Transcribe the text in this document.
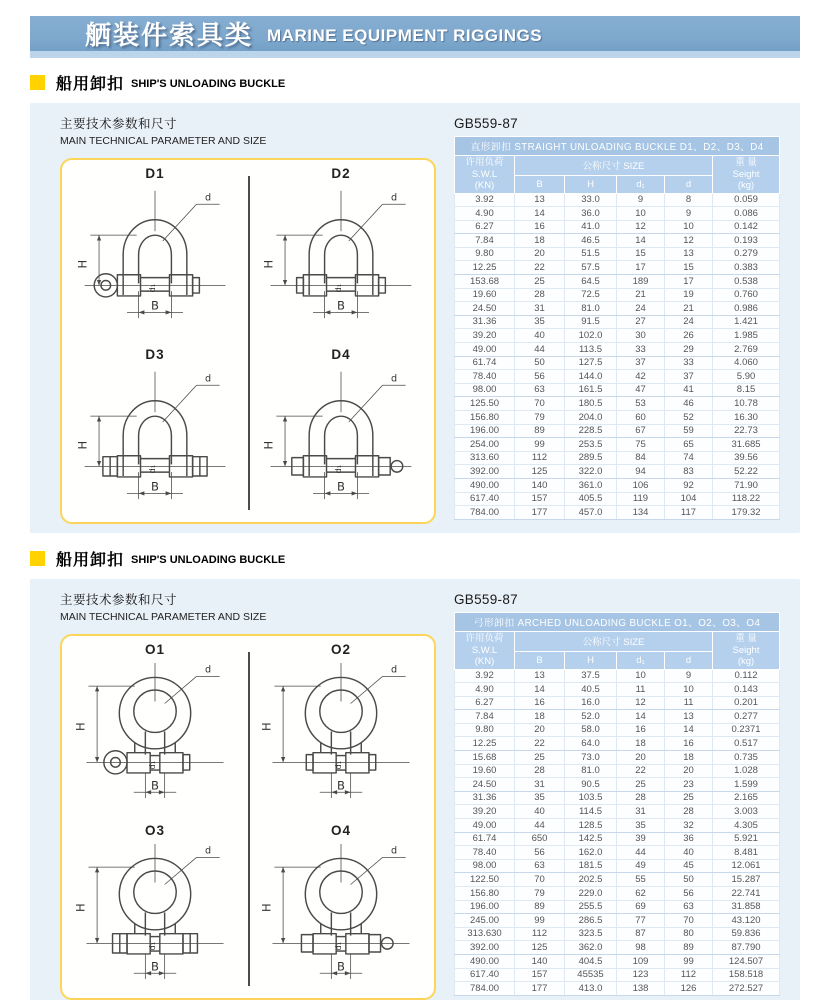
舾装件索具类 MARINE EQUIPMENT RIGGINGS
船用卸扣 SHIP'S UNLOADING BUCKLE
主要技术参数和尺寸
MAIN TECHNICAL PARAMETER AND SIZE
D1
H
B
d
d₁
D2
H
B
d
d₁
D3
H
B
d
d₁
D4
H
B
d
d₁
GB559-87
直形卸扣 STRAIGHT UNLOADING BUCKLE D1、D2、D3、D4					

许用负荷
S.W.L
(KN)
	公称尺寸 SIZE	重 量
Seight
(kg)

	B	H	d₁	d	
3.92	13	33.0	9	8	0.059
4.90	14	36.0	10	9	0.086
6.27	16	41.0	12	10	0.142
7.84	18	46.5	14	12	0.193
9.80	20	51.5	15	13	0.279
12.25	22	57.5	17	15	0.383
153.68	25	64.5	189	17	0.538
19.60	28	72.5	21	19	0.760
24.50	31	81.0	24	21	0.986
31.36	35	91.5	27	24	1.421
39.20	40	102.0	30	26	1.985
49.00	44	113.5	33	29	2.769
61.74	50	127.5	37	33	4.060
78.40	56	144.0	42	37	5.90
98.00	63	161.5	47	41	8.15
125.50	70	180.5	53	46	10.78
156.80	79	204.0	60	52	16.30
196.00	89	228.5	67	59	22.73
254.00	99	253.5	75	65	31.685
313.60	112	289.5	84	74	39.56
392.00	125	322.0	94	83	52.22
490.00	140	361.0	106	92	71.90
617.40	157	405.5	119	104	118.22
784.00	177	457.0	134	117	179.32
船用卸扣 SHIP'S UNLOADING BUCKLE
主要技术参数和尺寸
MAIN TECHNICAL PARAMETER AND SIZE
O1
H
B
d
d₁
O2
H
B
d
d₁
O3
H
B
d
d₁
O4
H
B
d
d₁
GB559-87
弓形卸扣 ARCHED UNLOADING BUCKLE O1、O2、O3、O4					

许用负荷
S.W.L
(KN)
	公称尺寸 SIZE	重 量
Seight
(kg)

	B	H	d₁	d	
3.92	13	37.5	10	9	0.112
4.90	14	40.5	11	10	0.143
6.27	16	16.0	12	11	0.201
7.84	18	52.0	14	13	0.277
9.80	20	58.0	16	14	0.2371
12.25	22	64.0	18	16	0.517
15.68	25	73.0	20	18	0.735
19.60	28	81.0	22	20	1.028
24.50	31	90.5	25	23	1.599
31.36	35	103.5	28	25	2.165
39.20	40	114.5	31	28	3.003
49.00	44	128.5	35	32	4.305
61.74	650	142.5	39	36	5.921
78.40	56	162.0	44	40	8.481
98.00	63	181.5	49	45	12.061
122.50	70	202.5	55	50	15.287
156.80	79	229.0	62	56	22.741
196.00	89	255.5	69	63	31.858
245.00	99	286.5	77	70	43.120
313.630	112	323.5	87	80	59.836
392.00	125	362.0	98	89	87.790
490.00	140	404.5	109	99	124.507
617.40	157	45535	123	112	158.518
784.00	177	413.0	138	126	272.527
